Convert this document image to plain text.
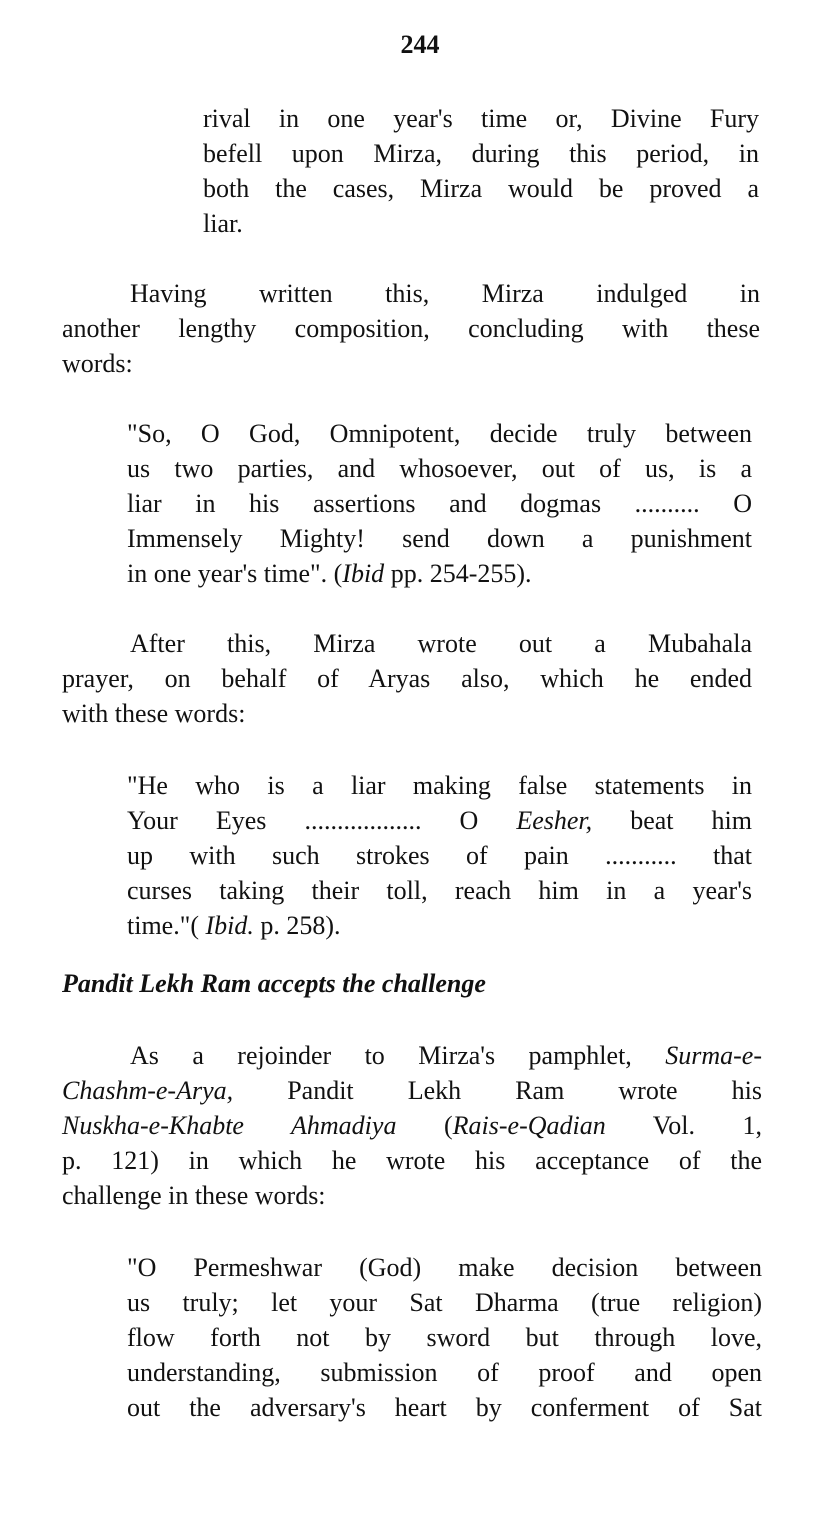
244
rival in one year's time or, Divine Fury
befell upon Mirza, during this period, in
both the cases, Mirza would be proved a
liar.
Having written this, Mirza indulged in
another lengthy composition, concluding with these
words:
"So, O God, Omnipotent, decide truly between
us two parties, and whosoever, out of us, is a
liar in his assertions and dogmas .......... O
Immensely Mighty! send down a punishment
in one year's time". (Ibid pp. 254-255).
After this, Mirza wrote out a Mubahala
prayer, on behalf of Aryas also, which he ended
with these words:
"He who is a liar making false statements in
Your Eyes .................. O Eesher, beat him
up with such strokes of pain ........... that
curses taking their toll, reach him in a year's
time."( Ibid. p. 258).
Pandit Lekh Ram accepts the challenge
As a rejoinder to Mirza's pamphlet, Surma-e-
Chashm-e-Arya, Pandit Lekh Ram wrote his
Nuskha-e-Khabte Ahmadiya (Rais-e-Qadian Vol. 1,
p. 121) in which he wrote his acceptance of the
challenge in these words:
"O Permeshwar (God) make decision between
us truly; let your Sat Dharma (true religion)
flow forth not by sword but through love,
understanding, submission of proof and open
out the adversary's heart by conferment of Sat
